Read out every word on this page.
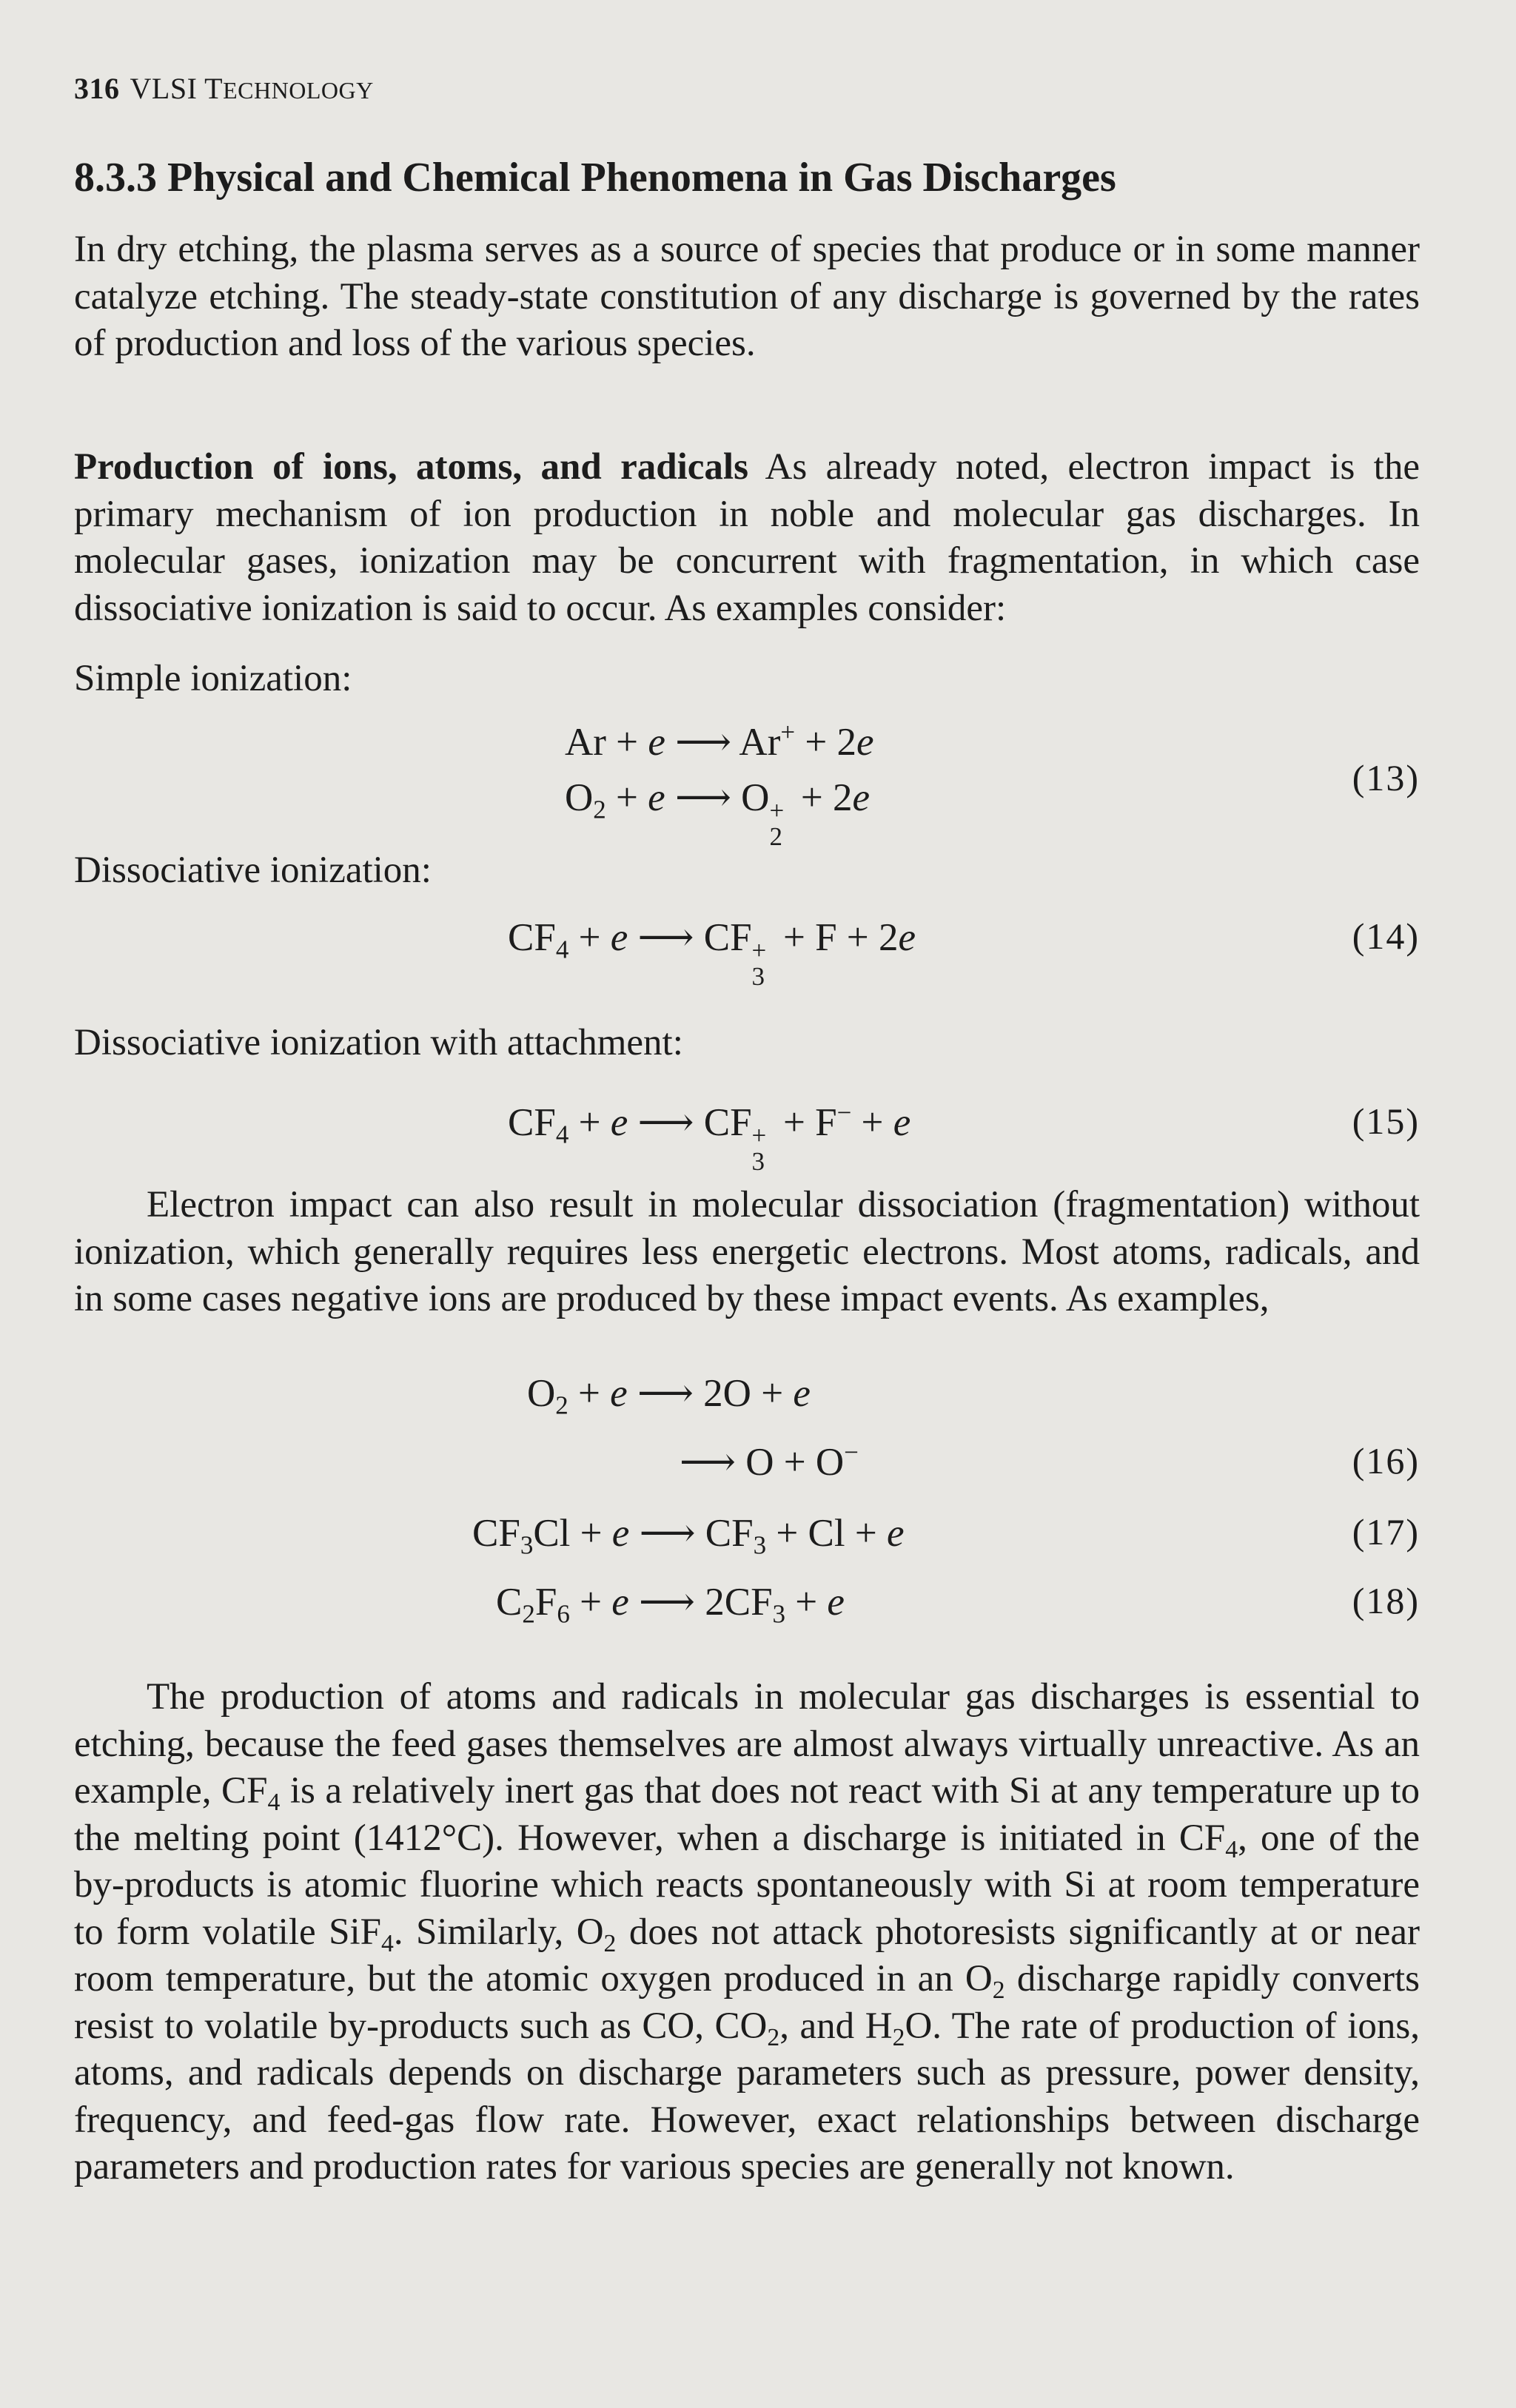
316 VLSI TECHNOLOGY
8.3.3 Physical and Chemical Phenomena in Gas Discharges

In dry etching, the plasma serves as a source of species that produce or in some manner catalyze etching. The steady-state constitution of any discharge is governed by the rates of production and loss of the various species.

Production of ions, atoms, and radicals As already noted, electron impact is the primary mechanism of ion production in noble and molecular gas discharges. In molecular gases, ionization may be concurrent with fragmentation, in which case dissociative ionization is said to occur. As examples consider:

Simple ionization:

Ar + e ⟶ Ar+ + 2e
$O_2 + e$ ⟶ O +
2
+ 2e	(13)

Dissociative ionization:

$CF_4 + e$ ⟶ CF +
3
+ F + 2e	(14)

Dissociative ionization with attachment:

$CF_4 + e$ ⟶ CF +
3
+ F− + e	(15)

Electron impact can also result in molecular dissociation (fragmentation) without ionization, which generally requires less energetic electrons. Most atoms, radicals, and in some cases negative ions are produced by these impact events. As examples,

$O_2 + e$ ⟶ 2O + e
⟶ O + O−	(16)
$CF_3Cl + e$ ⟶ $CF_3 + Cl + e$	(17)
$C_2F_6 + e$ ⟶ $2CF_3 + e$	(18)

The production of atoms and radicals in molecular gas discharges is essential to etching, because the feed gases themselves are almost always virtually unreactive. As an example, $CF_4$ is a relatively inert gas that does not react with Si at any temperature up to the melting point (1412°C). However, when a discharge is initiated in $CF_4$, one of the by-products is atomic fluorine which reacts spontaneously with Si at room temperature to form volatile SiF$_4$. Similarly, $O_2$ does not attack photoresists significantly at or near room temperature, but the atomic oxygen produced in an $O_2$ discharge rapidly converts resist to volatile by-products such as CO, $CO_2$, and $H_2O$. The rate of production of ions, atoms, and radicals depends on discharge parameters such as pressure, power density, frequency, and feed-gas flow rate. However, exact relationships between discharge parameters and production rates for various species are generally not known.
